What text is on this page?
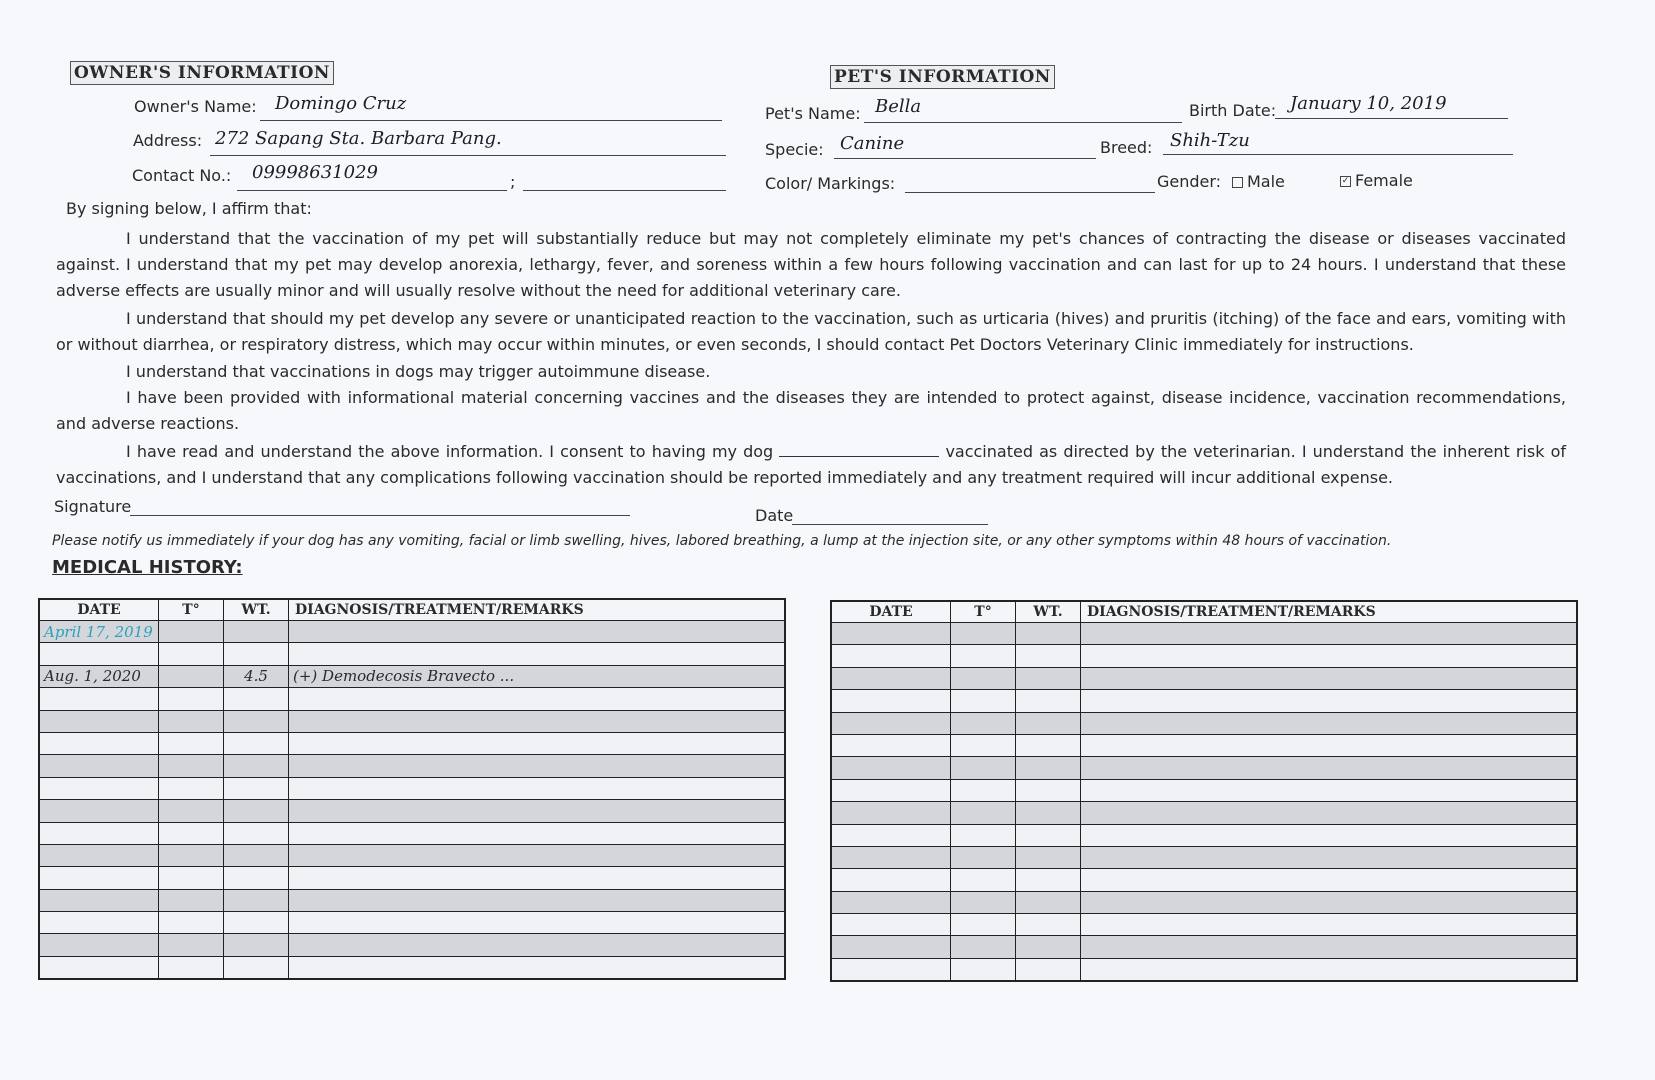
OWNER'S INFORMATION
Owner's Name: Domingo Cruz
Address: 272 Sapang Sta. Barbara Pang.
Contact No.: 09998631029	;
PET'S INFORMATION
Pet's Name: Bella	Birth Date: January 10, 2019
Specie: Canine	Breed: Shih-Tzu
Color/ Markings:	Gender:	Male	✓ Female
By signing below, I affirm that:

I understand that the vaccination of my pet will substantially reduce but may not completely eliminate my pet's chances of contracting the disease or diseases vaccinated against. I understand that my pet may develop anorexia, lethargy, fever, and soreness within a few hours following vaccination and can last for up to 24 hours. I understand that these adverse effects are usually minor and will usually resolve without the need for additional veterinary care.

I understand that should my pet develop any severe or unanticipated reaction to the vaccination, such as urticaria (hives) and pruritis (itching) of the face and ears, vomiting with or without diarrhea, or respiratory distress, which may occur within minutes, or even seconds, I should contact Pet Doctors Veterinary Clinic immediately for instructions.

I understand that vaccinations in dogs may trigger autoimmune disease.

I have been provided with informational material concerning vaccines and the diseases they are intended to protect against, disease incidence, vaccination recommendations, and adverse reactions.

I have read and understand the above information. I consent to having my dog	vaccinated as directed by the veterinarian. I understand the inherent risk of vaccinations, and I understand that any complications following vaccination should be reported immediately and any treatment required will incur additional expense.

Signature	Date
Please notify us immediately if your dog has any vomiting, facial or limb swelling, hives, labored breathing, a lump at the injection site, or any other symptoms within 48 hours of vaccination.
MEDICAL HISTORY:
DATE	T°	WT.	DIAGNOSIS/TREATMENT/REMARKS
April 17, 2019			

Aug. 1, 2020		4.5	(+) Demodecosis Bravecto ...

DATE	T°	WT.	DIAGNOSIS/TREATMENT/REMARKS
